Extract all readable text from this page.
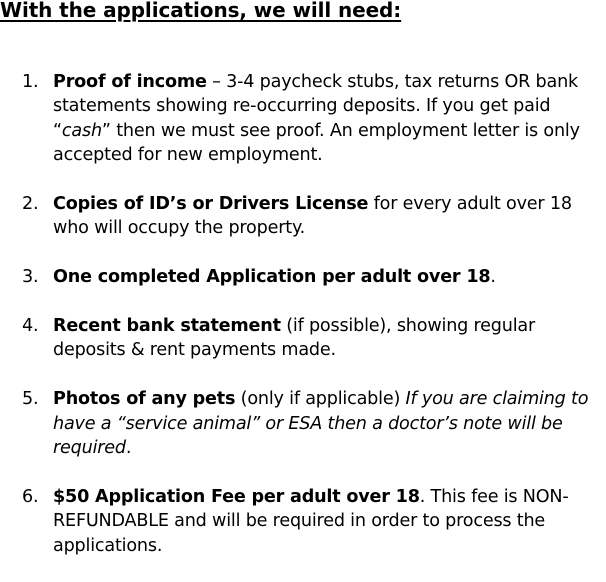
With the applications, we will need:
1. Proof of income – 3-4 paycheck stubs, tax returns OR bank statements showing re-occurring deposits. If you get paid “cash” then we must see proof. An employment letter is only accepted for new employment.
2. Copies of ID’s or Drivers License for every adult over 18 who will occupy the property.
3. One completed Application per adult over 18.
4. Recent bank statement (if possible), showing regular deposits & rent payments made.
5. Photos of any pets (only if applicable) If you are claiming to have a “service animal” or ESA then a doctor’s note will be required.
6. $50 Application Fee per adult over 18. This fee is NON-REFUNDABLE and will be required in order to process the applications.
